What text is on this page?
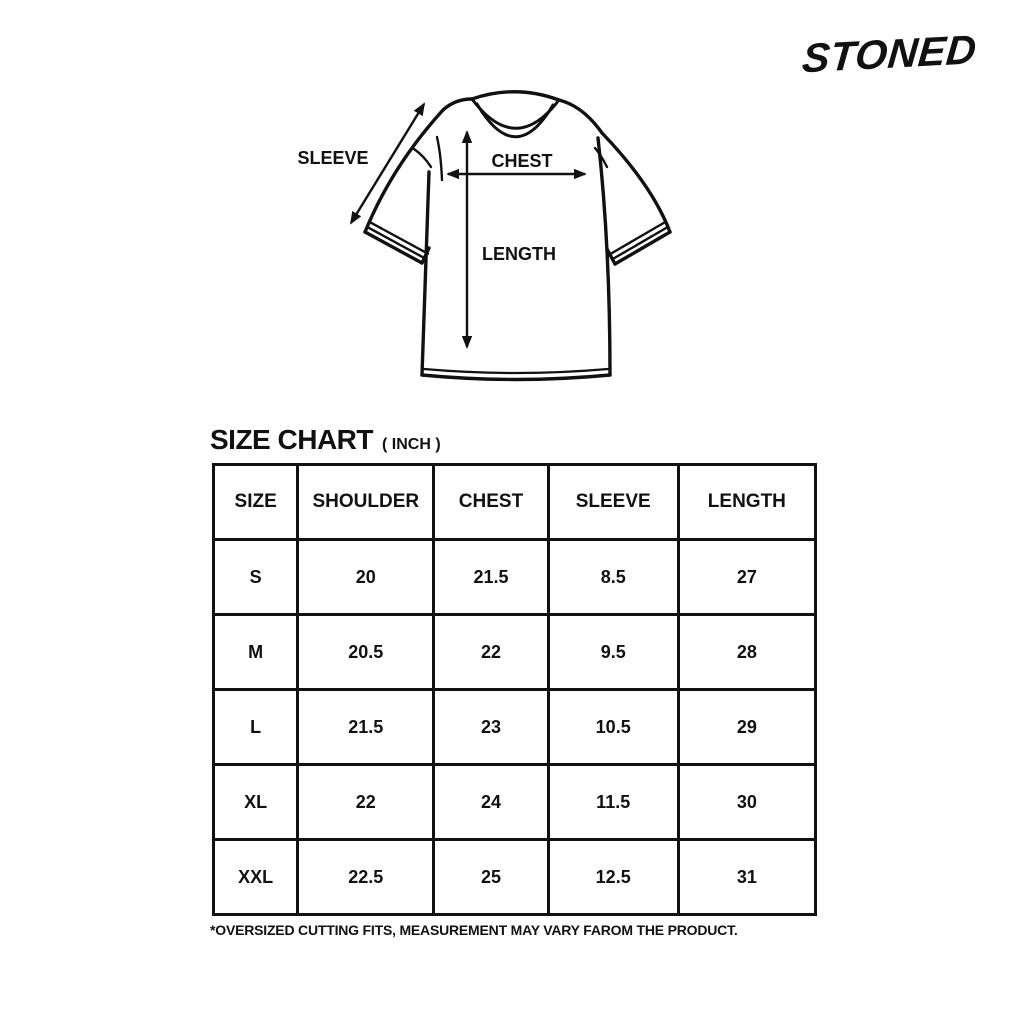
STONED
SLEEVE	CHEST
LENGTH
SIZE CHART ( INCH )
SIZE	SHOULDER	CHEST	SLEEVE	LENGTH
S	20	21.5	8.5	27
M	20.5	22	9.5	28
L	21.5	23	10.5	29
XL	22	24	11.5	30
XXL	22.5	25	12.5	31
*OVERSIZED CUTTING FITS, MEASUREMENT MAY VARY FAROM THE PRODUCT.
